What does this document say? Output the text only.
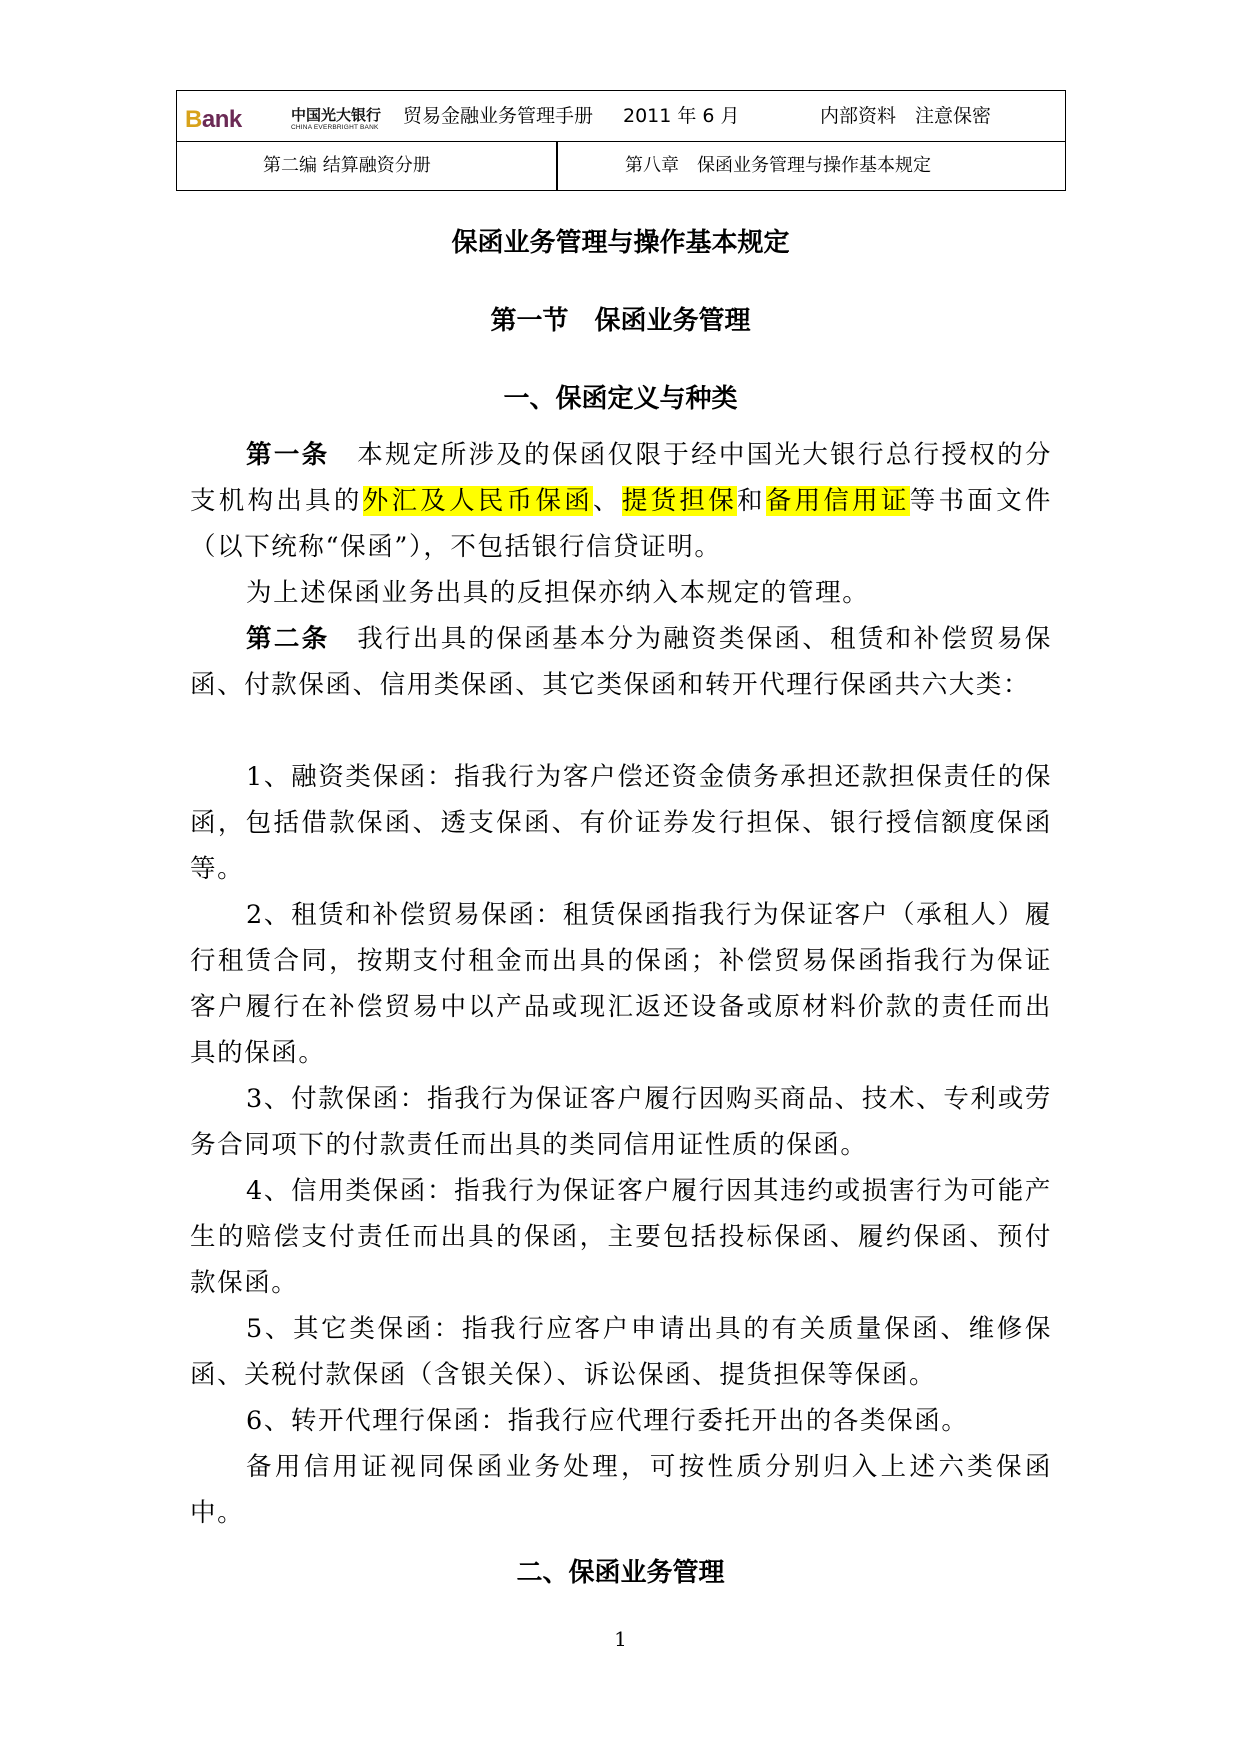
Bank	中国光大银行
CHINA EVERBRIGHT BANK
贸易金融业务管理手册 2011 年 6 月	内部资料　注意保密
第二编 结算融资分册	第八章　保函业务管理与操作基本规定
保函业务管理与操作基本规定
第一节　保函业务管理
一、保函定义与种类
第一条　本规定所涉及的保函仅限于经中国光大银行总行授权的分支机构出具的外汇及人民币保函、提货担保和备用信用证等书面文件（以下统称“保函”），不包括银行信贷证明。
为上述保函业务出具的反担保亦纳入本规定的管理。
第二条　我行出具的保函基本分为融资类保函、租赁和补偿贸易保函、付款保函、信用类保函、其它类保函和转开代理行保函共六大类：
1、融资类保函：指我行为客户偿还资金债务承担还款担保责任的保函，包括借款保函、透支保函、有价证券发行担保、银行授信额度保函等。
2、租赁和补偿贸易保函：租赁保函指我行为保证客户（承租人）履行租赁合同，按期支付租金而出具的保函；补偿贸易保函指我行为保证客户履行在补偿贸易中以产品或现汇返还设备或原材料价款的责任而出具的保函。
3、付款保函：指我行为保证客户履行因购买商品、技术、专利或劳务合同项下的付款责任而出具的类同信用证性质的保函。
4、信用类保函：指我行为保证客户履行因其违约或损害行为可能产生的赔偿支付责任而出具的保函，主要包括投标保函、履约保函、预付款保函。
5、其它类保函：指我行应客户申请出具的有关质量保函、维修保函、关税付款保函（含银关保）、诉讼保函、提货担保等保函。
6、转开代理行保函：指我行应代理行委托开出的各类保函。
备用信用证视同保函业务处理，可按性质分别归入上述六类保函中。
二、保函业务管理
1
